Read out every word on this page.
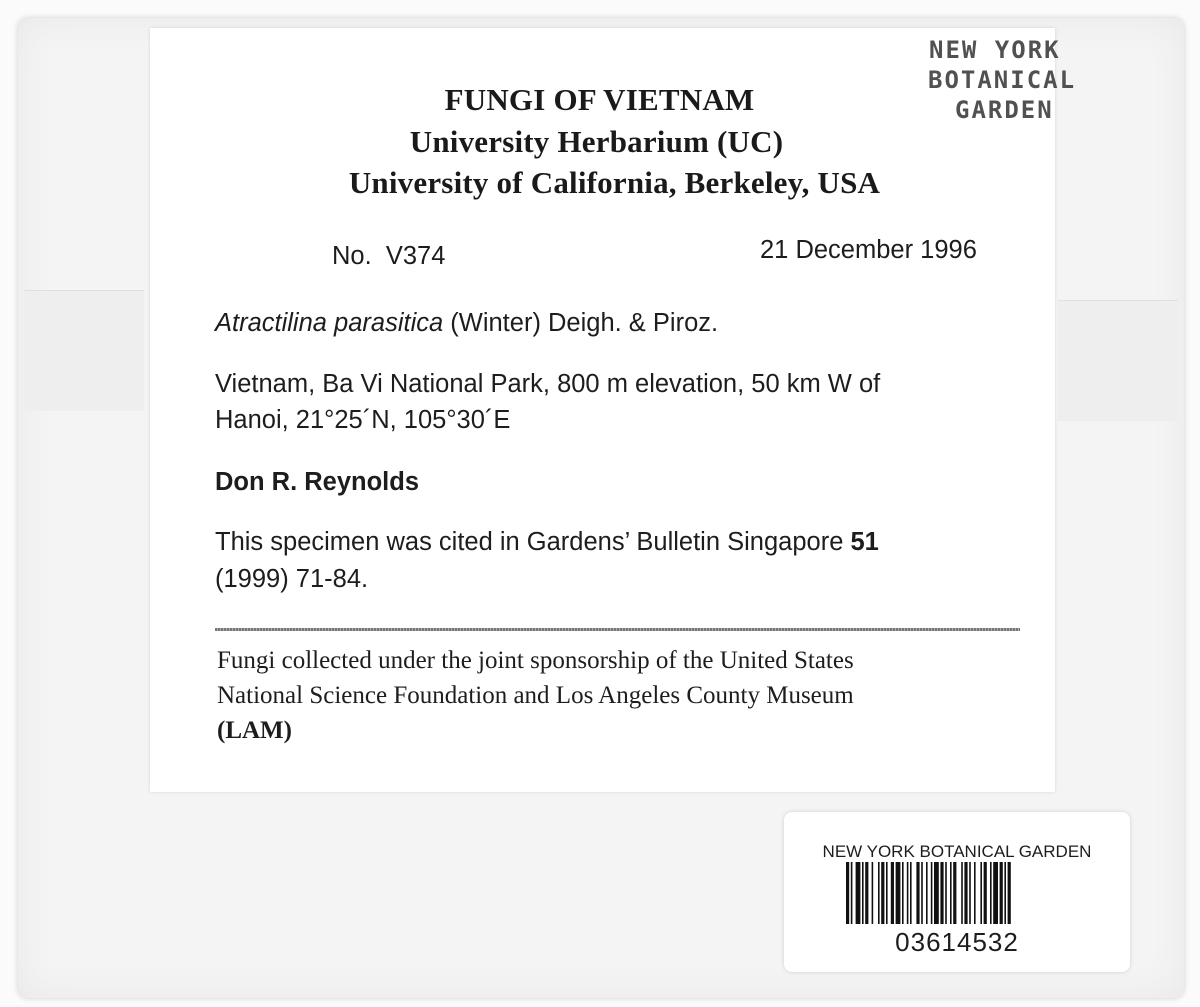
FUNGI OF VIETNAM
University Herbarium (UC)
University of California, Berkeley, USA
No.  V374	21 December 1996
Atractilina parasitica (Winter) Deigh. & Piroz.
Vietnam, Ba Vi National Park, 800 m elevation, 50 km W of
Hanoi, 21°25´N, 105°30´E
Don R. Reynolds
This specimen was cited in Gardens’ Bulletin Singapore 51
(1999) 71-84.
Fungi collected under the joint sponsorship of the United States
National Science Foundation and Los Angeles County Museum
(LAM)
NEW YORK
BOTANICAL
GARDEN
NEW YORK BOTANICAL GARDEN
03614532
